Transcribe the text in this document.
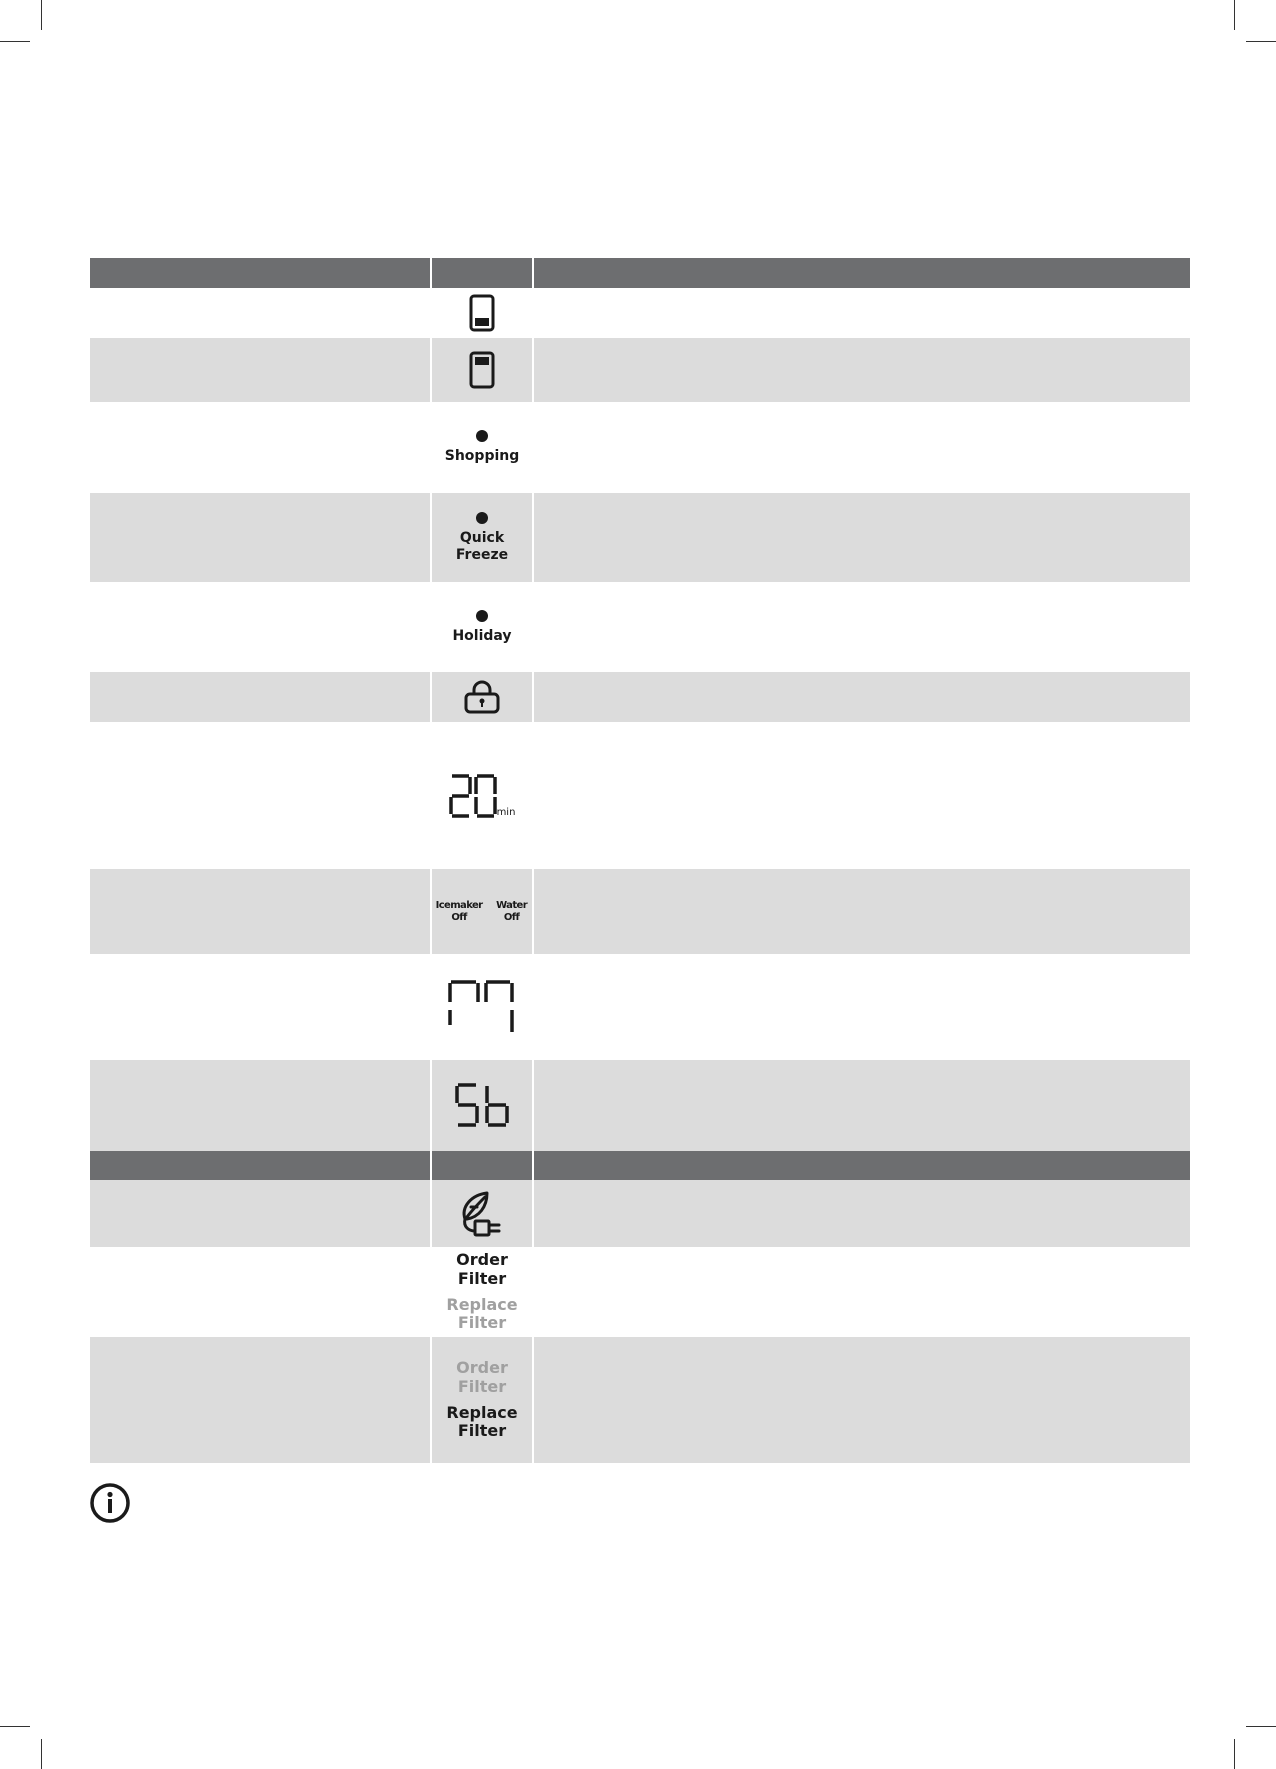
Shopping
Quick
Freeze
Holiday
min
Icemaker Off
Water Off
Order Filter
Replace Filter
Order Filter
Replace Filter
